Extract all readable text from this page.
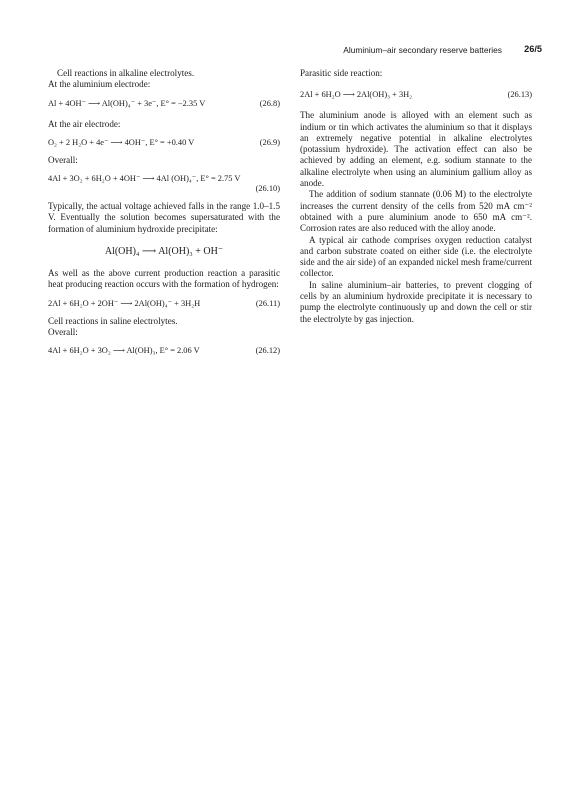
Aluminium–air secondary reserve batteries 26/5

Cell reactions in alkaline electrolytes.

At the aluminium electrode:

Al + 4OH⁻ ⟶ Al(OH)₄⁻ + 3e⁻, E° = −2.35 V	(26.8)

At the air electrode:

O₂ + 2 H₂O + 4e⁻ ⟶ 4OH⁻, E° = +0.40 V	(26.9)

Overall:

4Al + 3O₂ + 6H₂O + 4OH⁻ ⟶ 4Al (OH)₄⁻, E° = 2.75 V
(26.10)

Typically, the actual voltage achieved falls in the range 1.0–1.5 V. Eventually the solution becomes supersaturated with the formation of aluminium hydroxide precipitate:

Al(OH)₄ ⟶ Al(OH)₃ + OH⁻

As well as the above current production reaction a parasitic heat producing reaction occurs with the formation of hydrogen:

2Al + 6H₂O + 2OH⁻ ⟶ 2Al(OH)₄⁻ + 3H₂H	(26.11)

Cell reactions in saline electrolytes.

Overall:

4Al + 6H₂O + 3O₂ ⟶ Al(OH)₃, E° = 2.06 V	(26.12)

Parasitic side reaction:

2Al + 6H₂O ⟶ 2Al(OH)₃ + 3H₂	(26.13)

The aluminium anode is alloyed with an element such as indium or tin which activates the aluminium so that it displays an extremely negative potential in alkaline electrolytes (potassium hydroxide). The activation effect can also be achieved by adding an element, e.g. sodium stannate to the alkaline electrolyte when using an aluminium gallium alloy as anode.

The addition of sodium stannate (0.06 M) to the electrolyte increases the current density of the cells from 520 mA cm⁻² obtained with a pure aluminium anode to 650 mA cm⁻². Corrosion rates are also reduced with the alloy anode.

A typical air cathode comprises oxygen reduction catalyst and carbon substrate coated on either side (i.e. the electrolyte side and the air side) of an expanded nickel mesh frame/current collector.

In saline aluminium–air batteries, to prevent clogging of cells by an aluminium hydroxide precipitate it is necessary to pump the electrolyte continuously up and down the cell or stir the electrolyte by gas injection.
